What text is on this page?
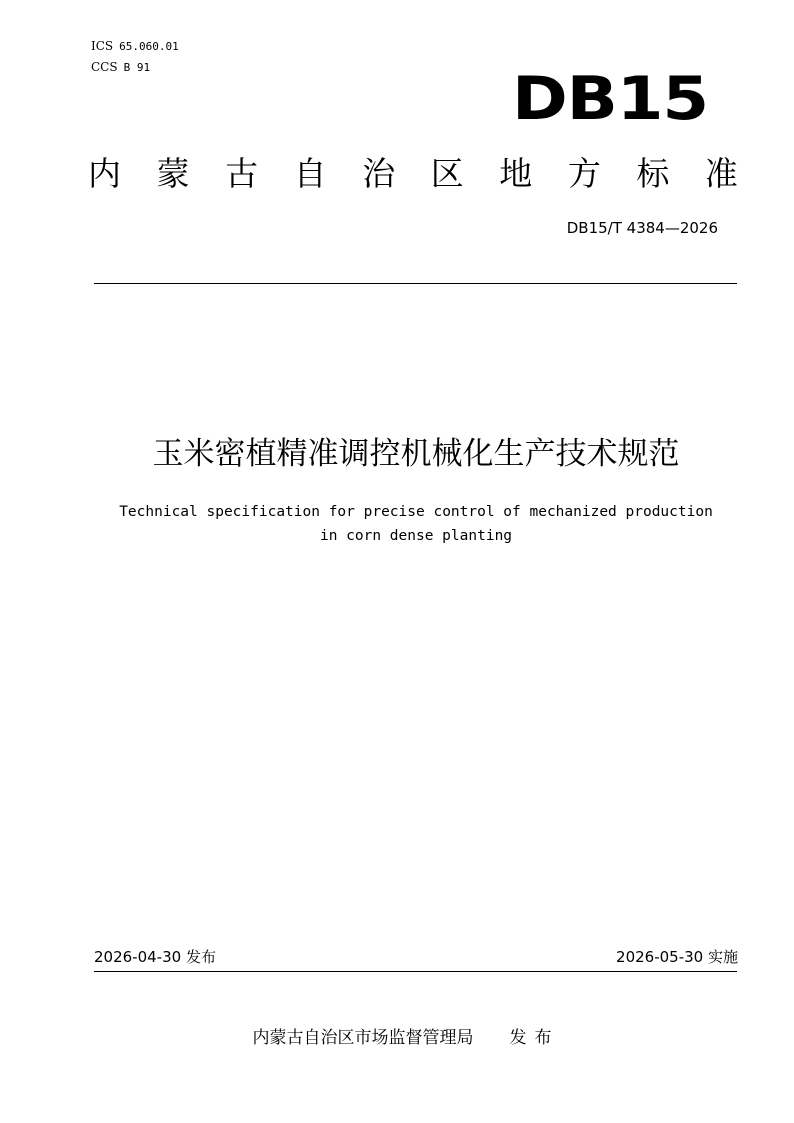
ICS 65.060.01
CCS B 91	DB15
内 蒙 古 自 治 区 地 方 标 准
DB15/T 4384—2026
玉米密植精准调控机械化生产技术规范
Technical specification for precise control of mechanized production
in corn dense planting
2026-04-30 发布	2026-05-30 实施
内蒙古自治区市场监督管理局 发布
